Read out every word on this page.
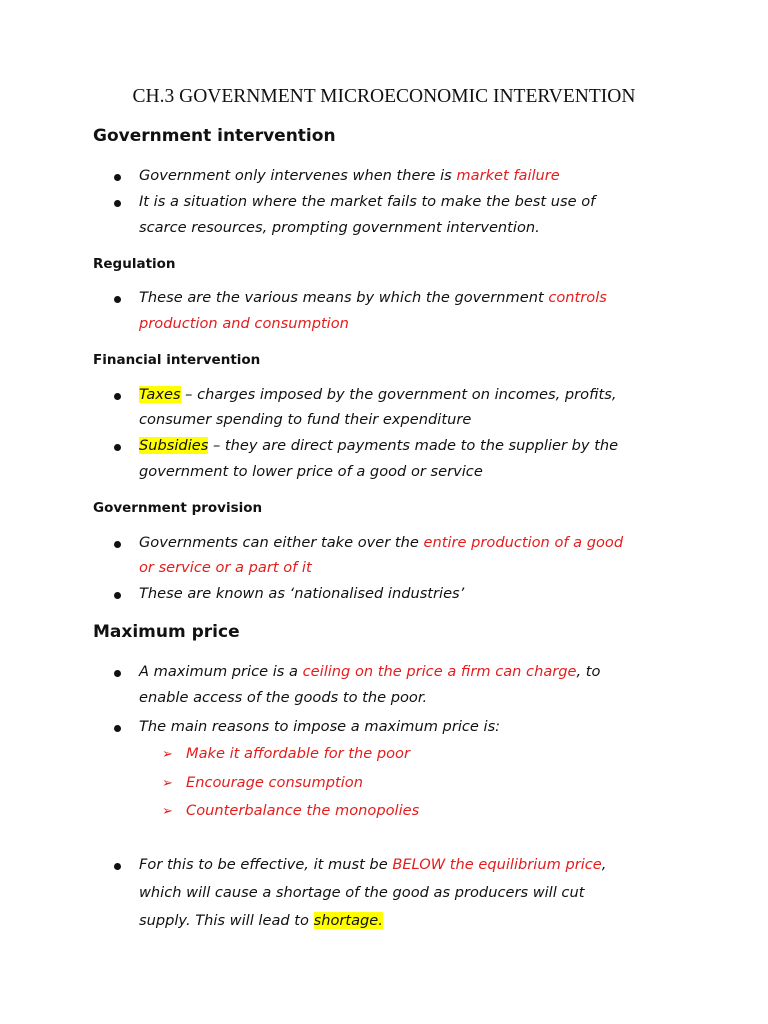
CH.3 GOVERNMENT MICROECONOMIC INTERVENTION
Government intervention
Government only intervenes when there is market failure
It is a situation where the market fails to make the best use of
scarce resources, prompting government intervention.
Regulation
These are the various means by which the government controls
production and consumption
Financial intervention
Taxes – charges imposed by the government on incomes, profits,
consumer spending to fund their expenditure
Subsidies – they are direct payments made to the supplier by the
government to lower price of a good or service
Government provision
Governments can either take over the entire production of a good
or service or a part of it
These are known as ‘nationalised industries’
Maximum price
A maximum price is a ceiling on the price a firm can charge, to
enable access of the goods to the poor.
The main reasons to impose a maximum price is:
➢ Make it affordable for the poor
➢ Encourage consumption
➢ Counterbalance the monopolies
For this to be effective, it must be BELOW the equilibrium price,
which will cause a shortage of the good as producers will cut
supply. This will lead to shortage.
